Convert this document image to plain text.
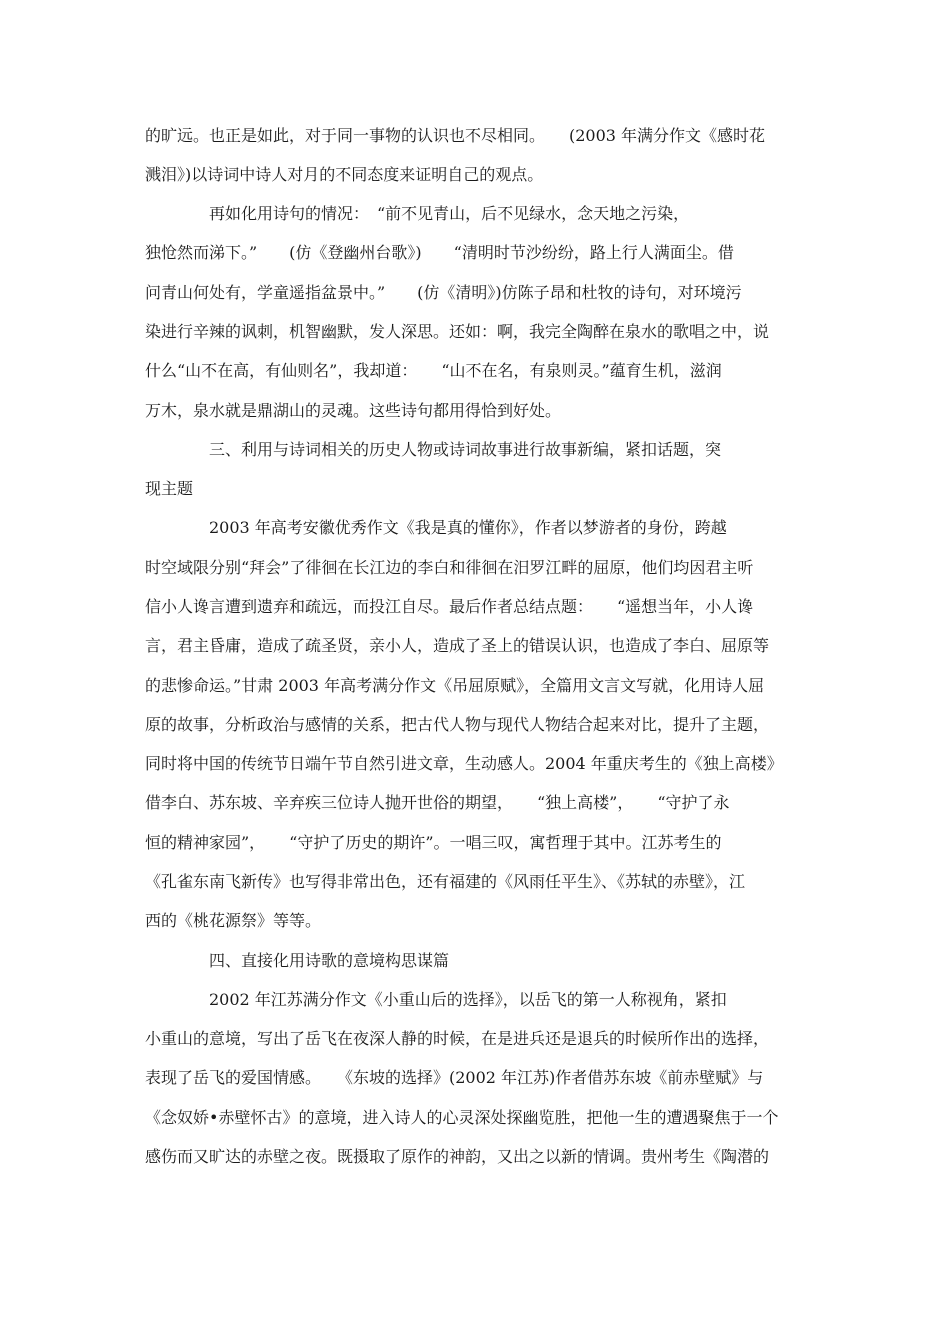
的旷远。也正是如此，对于同一事物的认识也不尽相同。　　(2003 年满分作文《感时花
溅泪》)以诗词中诗人对月的不同态度来证明自己的观点。
　　　　再如化用诗句的情况：　“前不见青山，后不见绿水，念天地之污染，
独怆然而涕下。”　　(仿《登幽州台歌》)　　“清明时节沙纷纷，路上行人满面尘。借
问青山何处有，学童遥指盆景中。”　　(仿《清明》)仿陈子昂和杜牧的诗句，对环境污
染进行辛辣的讽刺，机智幽默，发人深思。还如：啊，我完全陶醉在泉水的歌唱之中，说
什么“山不在高，有仙则名”，我却道：　　“山不在名，有泉则灵。”蕴育生机，滋润
万木，泉水就是鼎湖山的灵魂。这些诗句都用得恰到好处。
　　　　三、利用与诗词相关的历史人物或诗词故事进行故事新编，紧扣话题，突
现主题
　　　　2003 年高考安徽优秀作文《我是真的懂你》，作者以梦游者的身份，跨越
时空域限分别“拜会”了徘徊在长江边的李白和徘徊在汨罗江畔的屈原，他们均因君主听
信小人谗言遭到遗弃和疏远，而投江自尽。最后作者总结点题：　　“遥想当年，小人谗
言，君主昏庸，造成了疏圣贤，亲小人，造成了圣上的错误认识，也造成了李白、屈原等
的悲惨命运。”甘肃 2003 年高考满分作文《吊屈原赋》，全篇用文言文写就，化用诗人屈
原的故事，分析政治与感情的关系，把古代人物与现代人物结合起来对比，提升了主题，
同时将中国的传统节日端午节自然引进文章，生动感人。2004 年重庆考生的《独上高楼》
借李白、苏东坡、辛弃疾三位诗人抛开世俗的期望，　　“独上高楼”，　　“守护了永
恒的精神家园”，　　“守护了历史的期许”。一唱三叹，寓哲理于其中。江苏考生的
《孔雀东南飞新传》也写得非常出色，还有福建的《风雨任平生》、《苏轼的赤壁》，江
西的《桃花源祭》等等。
　　　　四、直接化用诗歌的意境构思谋篇
　　　　2002 年江苏满分作文《小重山后的选择》，以岳飞的第一人称视角，紧扣
小重山的意境，写出了岳飞在夜深人静的时候，在是进兵还是退兵的时候所作出的选择，
表现了岳飞的爱国情感。　　《东坡的选择》(2002 年江苏)作者借苏东坡《前赤壁赋》与
《念奴娇•赤壁怀古》的意境，进入诗人的心灵深处探幽览胜，把他一生的遭遇聚焦于一个
感伤而又旷达的赤壁之夜。既摄取了原作的神韵，又出之以新的情调。贵州考生《陶潜的
